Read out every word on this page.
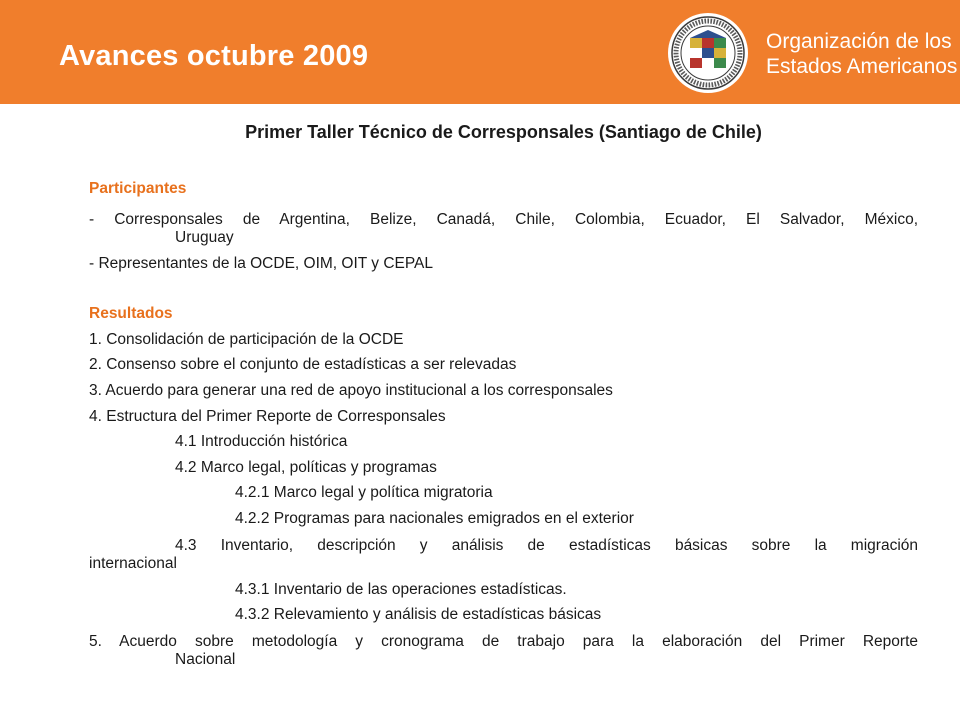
Avances octubre 2009	Organización de los
Estados Americanos
Primer Taller Técnico de Corresponsales (Santiago de Chile)
Participantes
- Corresponsales de Argentina, Belize, Canadá, Chile, Colombia, Ecuador, El Salvador, México,
Uruguay
- Representantes de la OCDE, OIM, OIT y CEPAL
Resultados
1. Consolidación de participación de la OCDE
2. Consenso sobre el conjunto de estadísticas a ser relevadas
3. Acuerdo para generar una red de apoyo institucional a los corresponsales
4. Estructura del Primer Reporte de Corresponsales
4.1 Introducción histórica
4.2 Marco legal, políticas y programas
4.2.1 Marco legal y política migratoria
4.2.2 Programas para nacionales emigrados en el exterior
4.3 Inventario, descripción y análisis de estadísticas básicas sobre la migración
internacional
4.3.1 Inventario de las operaciones estadísticas.
4.3.2 Relevamiento y análisis de estadísticas básicas
5. Acuerdo sobre metodología y cronograma de trabajo para la elaboración del Primer Reporte
Nacional
